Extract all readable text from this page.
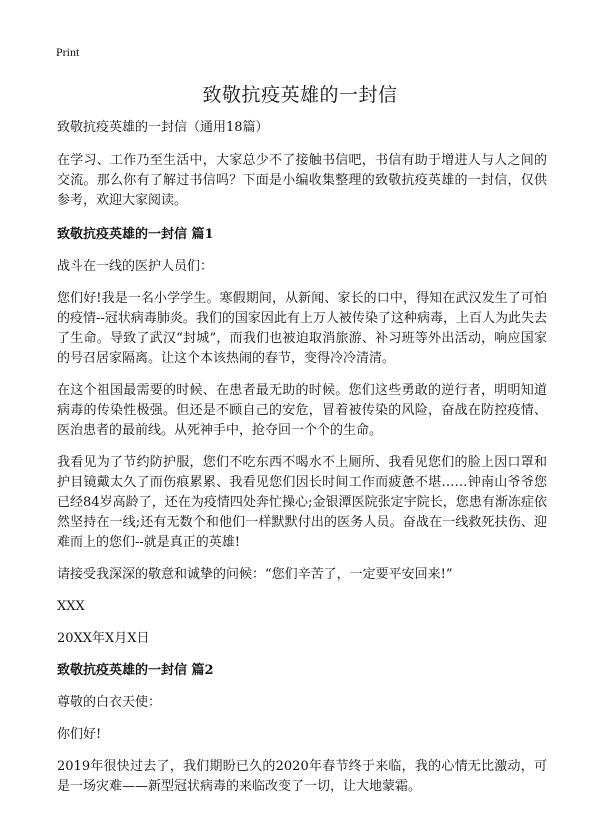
Print
致敬抗疫英雄的一封信

致敬抗疫英雄的一封信（通用18篇）

在学习、工作乃至生活中，大家总少不了接触书信吧，书信有助于增进人与人之间的交流。那么你有了解过书信吗？下面是小编收集整理的致敬抗疫英雄的一封信，仅供参考，欢迎大家阅读。

致敬抗疫英雄的一封信 篇1

战斗在一线的医护人员们：

您们好!我是一名小学学生。寒假期间，从新闻、家长的口中，得知在武汉发生了可怕的疫情--冠状病毒肺炎。我们的国家因此有上万人被传染了这种病毒，上百人为此失去了生命。导致了武汉“封城”，而我们也被迫取消旅游、补习班等外出活动，响应国家的号召居家隔离。让这个本该热闹的春节，变得冷冷清清。

在这个祖国最需要的时候、在患者最无助的时候。您们这些勇敢的逆行者，明明知道病毒的传染性极强。但还是不顾自己的安危，冒着被传染的风险，奋战在防控疫情、医治患者的最前线。从死神手中，抢夺回一个个的生命。

我看见为了节约防护服，您们不吃东西不喝水不上厕所、我看见您们的脸上因口罩和护目镜戴太久了而伤痕累累、我看见您们因长时间工作而疲惫不堪……钟南山爷爷您已经84岁高龄了，还在为疫情四处奔忙操心;金银潭医院张定宇院长，您患有渐冻症依然坚持在一线;还有无数个和他们一样默默付出的医务人员。奋战在一线救死扶伤、迎难而上的您们--就是真正的英雄!

请接受我深深的敬意和诚挚的问候：“您们辛苦了，一定要平安回来!”

XXX

20XX年X月X日

致敬抗疫英雄的一封信 篇2

尊敬的白衣天使：

你们好!

2019年很快过去了，我们期盼已久的2020年春节终于来临，我的心情无比激动，可是一场灾难——新型冠状病毒的来临改变了一切，让大地蒙霜。
